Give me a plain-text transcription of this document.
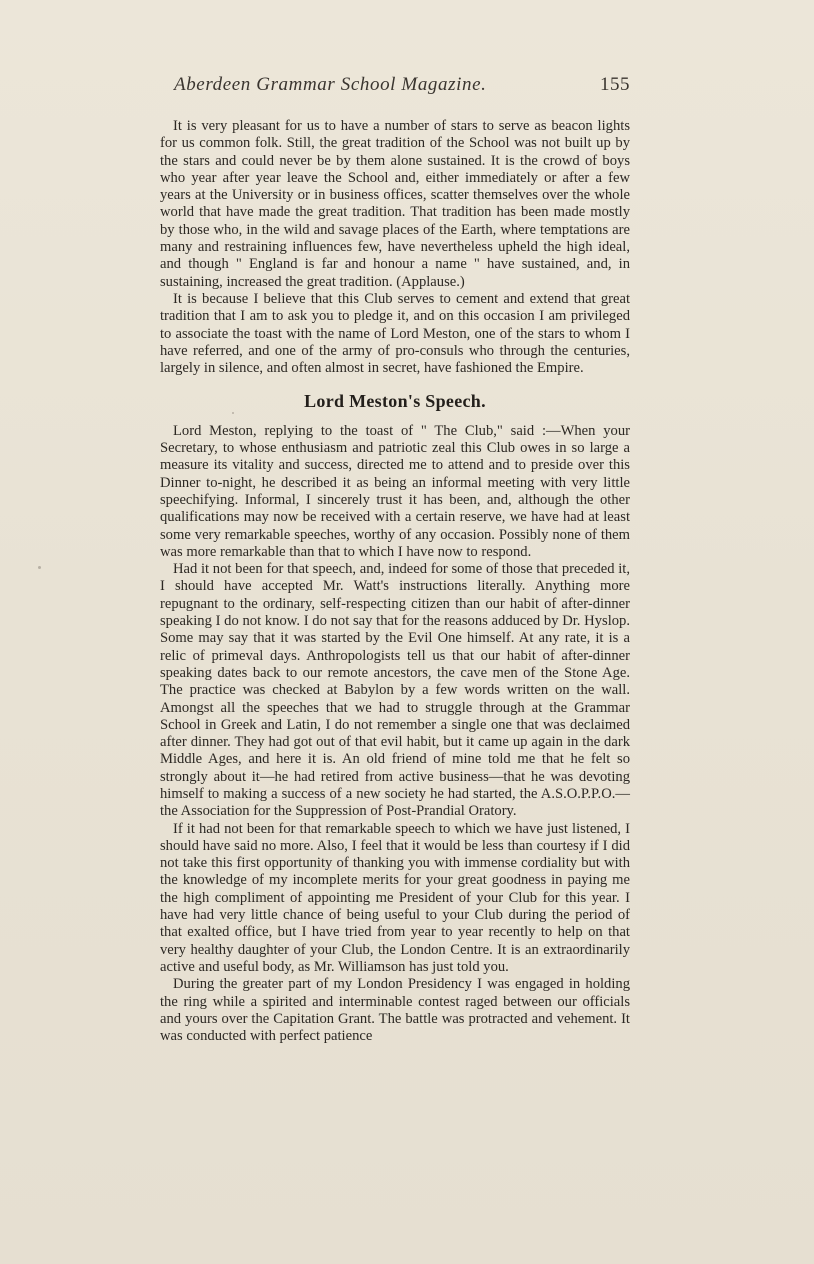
Aberdeen Grammar School Magazine.	155

It is very pleasant for us to have a number of stars to serve as beacon lights for us common folk. Still, the great tradition of the School was not built up by the stars and could never be by them alone sustained. It is the crowd of boys who year after year leave the School and, either immediately or after a few years at the University or in business offices, scatter themselves over the whole world that have made the great tradition. That tradition has been made mostly by those who, in the wild and savage places of the Earth, where temptations are many and restraining influences few, have nevertheless upheld the high ideal, and though " England is far and honour a name " have sustained, and, in sustaining, increased the great tradition. (Applause.)

It is because I believe that this Club serves to cement and extend that great tradition that I am to ask you to pledge it, and on this occasion I am privileged to associate the toast with the name of Lord Meston, one of the stars to whom I have referred, and one of the army of pro-consuls who through the centuries, largely in silence, and often almost in secret, have fashioned the Empire.

Lord Meston's Speech.

Lord Meston, replying to the toast of " The Club," said :—When your Secretary, to whose enthusiasm and patriotic zeal this Club owes in so large a measure its vitality and success, directed me to attend and to preside over this Dinner to-night, he described it as being an informal meeting with very little speechifying. Informal, I sincerely trust it has been, and, although the other qualifications may now be received with a certain reserve, we have had at least some very remarkable speeches, worthy of any occasion. Possibly none of them was more remarkable than that to which I have now to respond.

Had it not been for that speech, and, indeed for some of those that preceded it, I should have accepted Mr. Watt's instructions literally. Anything more repugnant to the ordinary, self-respecting citizen than our habit of after-dinner speaking I do not know. I do not say that for the reasons adduced by Dr. Hyslop. Some may say that it was started by the Evil One himself. At any rate, it is a relic of primeval days. Anthropologists tell us that our habit of after-dinner speaking dates back to our remote ancestors, the cave men of the Stone Age. The practice was checked at Babylon by a few words written on the wall. Amongst all the speeches that we had to struggle through at the Grammar School in Greek and Latin, I do not remember a single one that was declaimed after dinner. They had got out of that evil habit, but it came up again in the dark Middle Ages, and here it is. An old friend of mine told me that he felt so strongly about it—he had retired from active business—that he was devoting himself to making a success of a new society he had started, the A.S.O.P.P.O.—the Association for the Suppression of Post-Prandial Oratory.

If it had not been for that remarkable speech to which we have just listened, I should have said no more. Also, I feel that it would be less than courtesy if I did not take this first opportunity of thanking you with immense cordiality but with the knowledge of my incomplete merits for your great goodness in paying me the high compliment of appointing me President of your Club for this year. I have had very little chance of being useful to your Club during the period of that exalted office, but I have tried from year to year recently to help on that very healthy daughter of your Club, the London Centre. It is an extraordinarily active and useful body, as Mr. Williamson has just told you.

During the greater part of my London Presidency I was engaged in holding the ring while a spirited and interminable contest raged between our officials and yours over the Capitation Grant. The battle was protracted and vehement. It was conducted with perfect patience
